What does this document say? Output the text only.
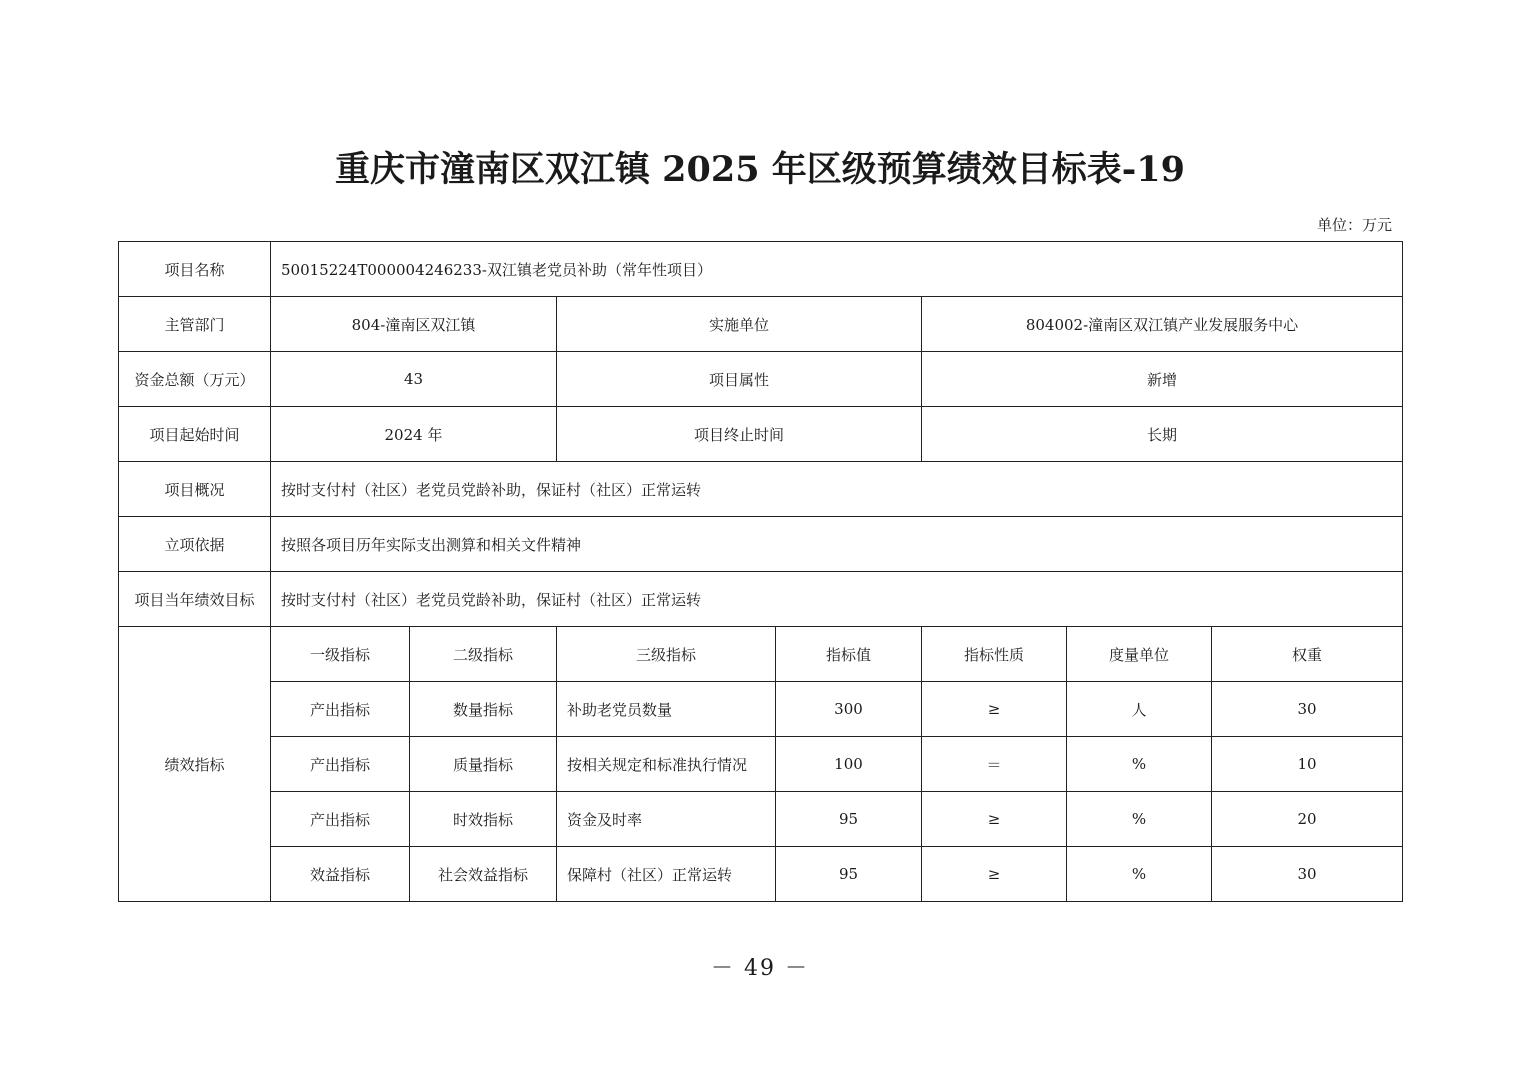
重庆市潼南区双江镇 2025 年区级预算绩效目标表-19
单位：万元
项目名称	50015224T000004246233-双江镇老党员补助（常年性项目）						
主管部门	804-潼南区双江镇		实施单位		804002-潼南区双江镇产业发展服务中心		
资金总额（万元）	43		项目属性		新增		
项目起始时间	2024 年		项目终止时间		长期		
项目概况	按时支付村（社区）老党员党龄补助，保证村（社区）正常运转						
立项依据	按照各项目历年实际支出测算和相关文件精神						
项目当年绩效目标	按时支付村（社区）老党员党龄补助，保证村（社区）正常运转						
绩效指标	一级指标	二级指标	三级指标	指标值	指标性质	度量单位	权重
	产出指标	数量指标	补助老党员数量	300	≥	人	30
	产出指标	质量指标	按相关规定和标准执行情况	100	＝	%	10
	产出指标	时效指标	资金及时率	95	≥	%	20
	效益指标	社会效益指标	保障村（社区）正常运转	95	≥	%	30
－ 49 －
